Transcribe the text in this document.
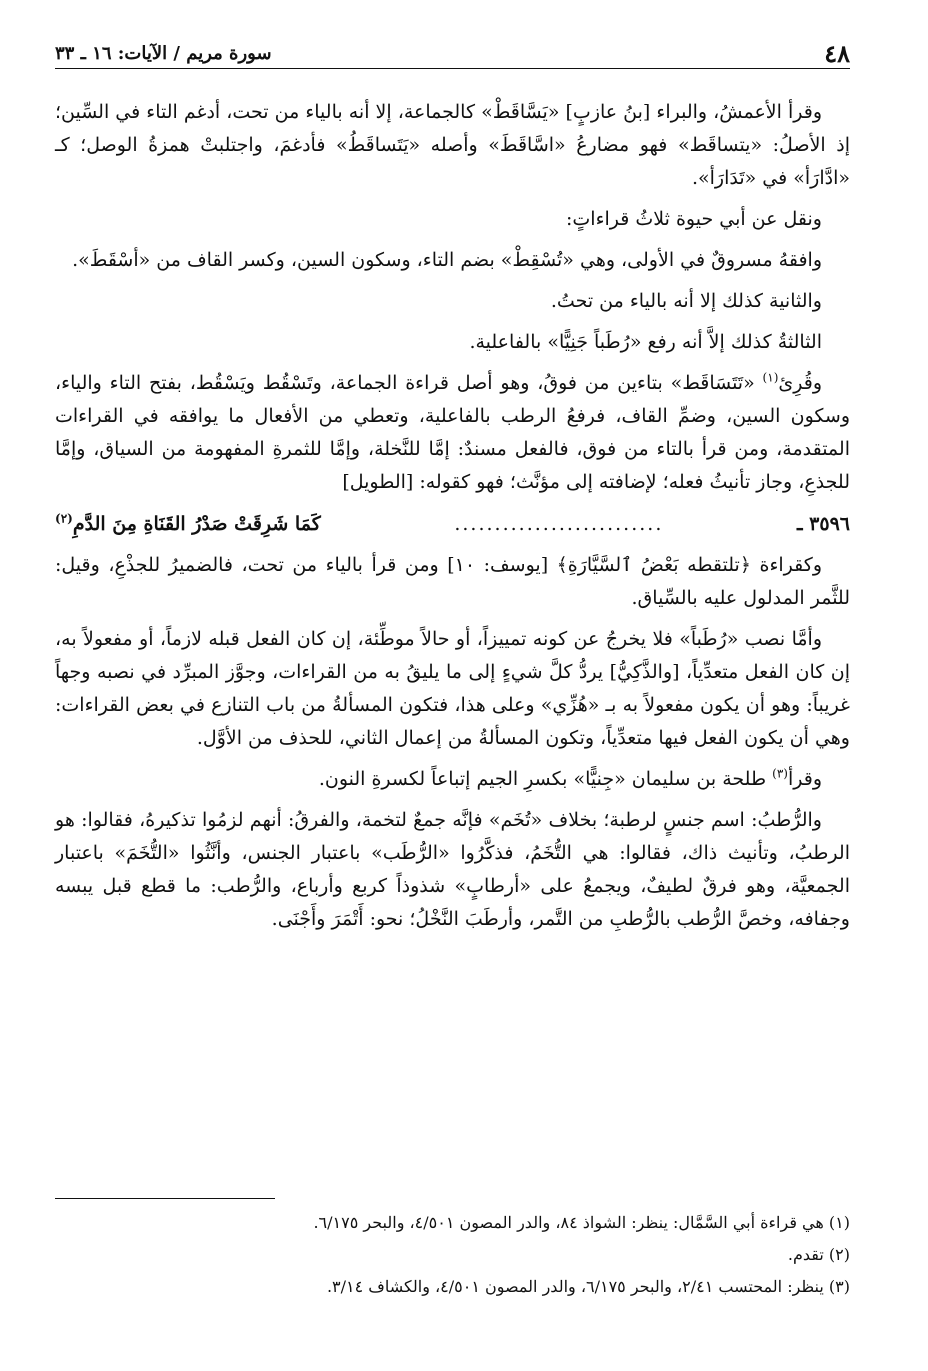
٤٨
سورة مريم / الآيات: ١٦ ـ ٣٣

وقرأ الأعمشُ، والبراء [بنُ عازبٍ] «يَسَّاقَطْ» كالجماعة، إلا أنه بالياء من تحت، أدغم التاء في السِّين؛ إذ الأصلُ: «يتساقَط» فهو مضارعُ «اسَّاقَطَ» وأصله «يَتَساقَطُ» فأدغمَ، واجتلبتْ همزةُ الوصل؛ كـ «ادَّارَأ» في «تَدَارَأ».

ونقل عن أبي حيوة ثلاثُ قراءاتٍ:

وافقهُ مسروقٌ في الأولى، وهي «تُسْقِطْ» بضم التاء، وسكون السين، وكسر القاف من «أسْقَطَ».

والثانية كذلك إلا أنه بالياء من تحتُ.

الثالثةُ كذلك إلاَّ أنه رفع «رُطَباً جَنِيًّا» بالفاعلية.

وقُرِئ$^{(١)}$ «تَتَسَاقَط» بتاءين من فوقُ، وهو أصل قراءة الجماعة، وتَسْقُط ويَسْقُط، بفتح التاء والياء، وسكون السين، وضمِّ القاف، فرفعُ الرطب بالفاعلية، وتعطي من الأفعال ما يوافقه في القراءات المتقدمة، ومن قرأ بالتاء من فوق، فالفعل مسندٌ: إمَّا للنَّخلة، وإمَّا للثمرةِ المفهومة من السياق، وإمَّا للجذعِ، وجاز تأنيثُ فعله؛ لإضافته إلى مؤنَّث؛ فهو كقوله: [الطويل]

٣٥٩٦ ـ
..........................
كَمَا شَرِقَتْ صَدْرُ القَنَاةِ مِنَ الدَّمِ$^{(٢)}$

وكقراءة ﴿تلتقطه بَعْضُ ٱلسَّيَّارَةِ﴾ [يوسف: ١٠] ومن قرأ بالياء من تحت، فالضميرُ للجذْعِ، وقيل: للثَّمر المدلول عليه بالسِّياق.

وأمَّا نصب «رُطَباً» فلا يخرجُ عن كونه تمييزاً، أو حالاً موطِّئة، إن كان الفعل قبله لازماً، أو مفعولاً به، إن كان الفعل متعدِّياً، [والذَّكِيُّ] يردُّ كلَّ شيءٍ إلى ما يليقُ به من القراءات، وجوَّز المبرِّد في نصبه وجهاً غريباً: وهو أن يكون مفعولاً به بـ «هُزِّي» وعلى هذا، فتكون المسألةُ من باب التنازع في بعض القراءات: وهي أن يكون الفعل فيها متعدِّياً، وتكون المسألةُ من إعمال الثاني، للحذف من الأوَّل.

وقرأ$^{(٣)}$ طلحة بن سليمان «جِنيًّا» بكسرِ الجيم إتباعاً لكسرةِ النون.

والرُّطبُ: اسم جنسٍ لرطبة؛ بخلاف «تُخَم» فإنَّه جمعٌ لتخمة، والفرقُ: أنهم لزمُوا تذكيرهُ، فقالوا: هو الرطبُ، وتأنيث ذاك، فقالوا: هي التُّخَمُ، فذكَّرُوا «الرُّطَب» باعتبار الجنس، وأنَّثُوا «التُّخَمَ» باعتبار الجمعيَّة، وهو فرقٌ لطيفٌ، ويجمعُ على «أرطابٍ» شذوذاً كربع وأرباع، والرُّطب: ما قطع قبل يبسه وجفافه، وخصَّ الرُّطب بالرُّطبِ من التَّمر، وأرطَبَ النَّخْلُ؛ نحو: أَتْمَرَ وأَجْنَى.

(١) هي قراءة أبي السَّمَّال: ينظر: الشواذ ٨٤، والدر المصون ٤/٥٠١، والبحر ٦/١٧٥.

(٢) تقدم.

(٣) ينظر: المحتسب ٢/٤١، والبحر ٦/١٧٥، والدر المصون ٤/٥٠١، والكشاف ٣/١٤.
